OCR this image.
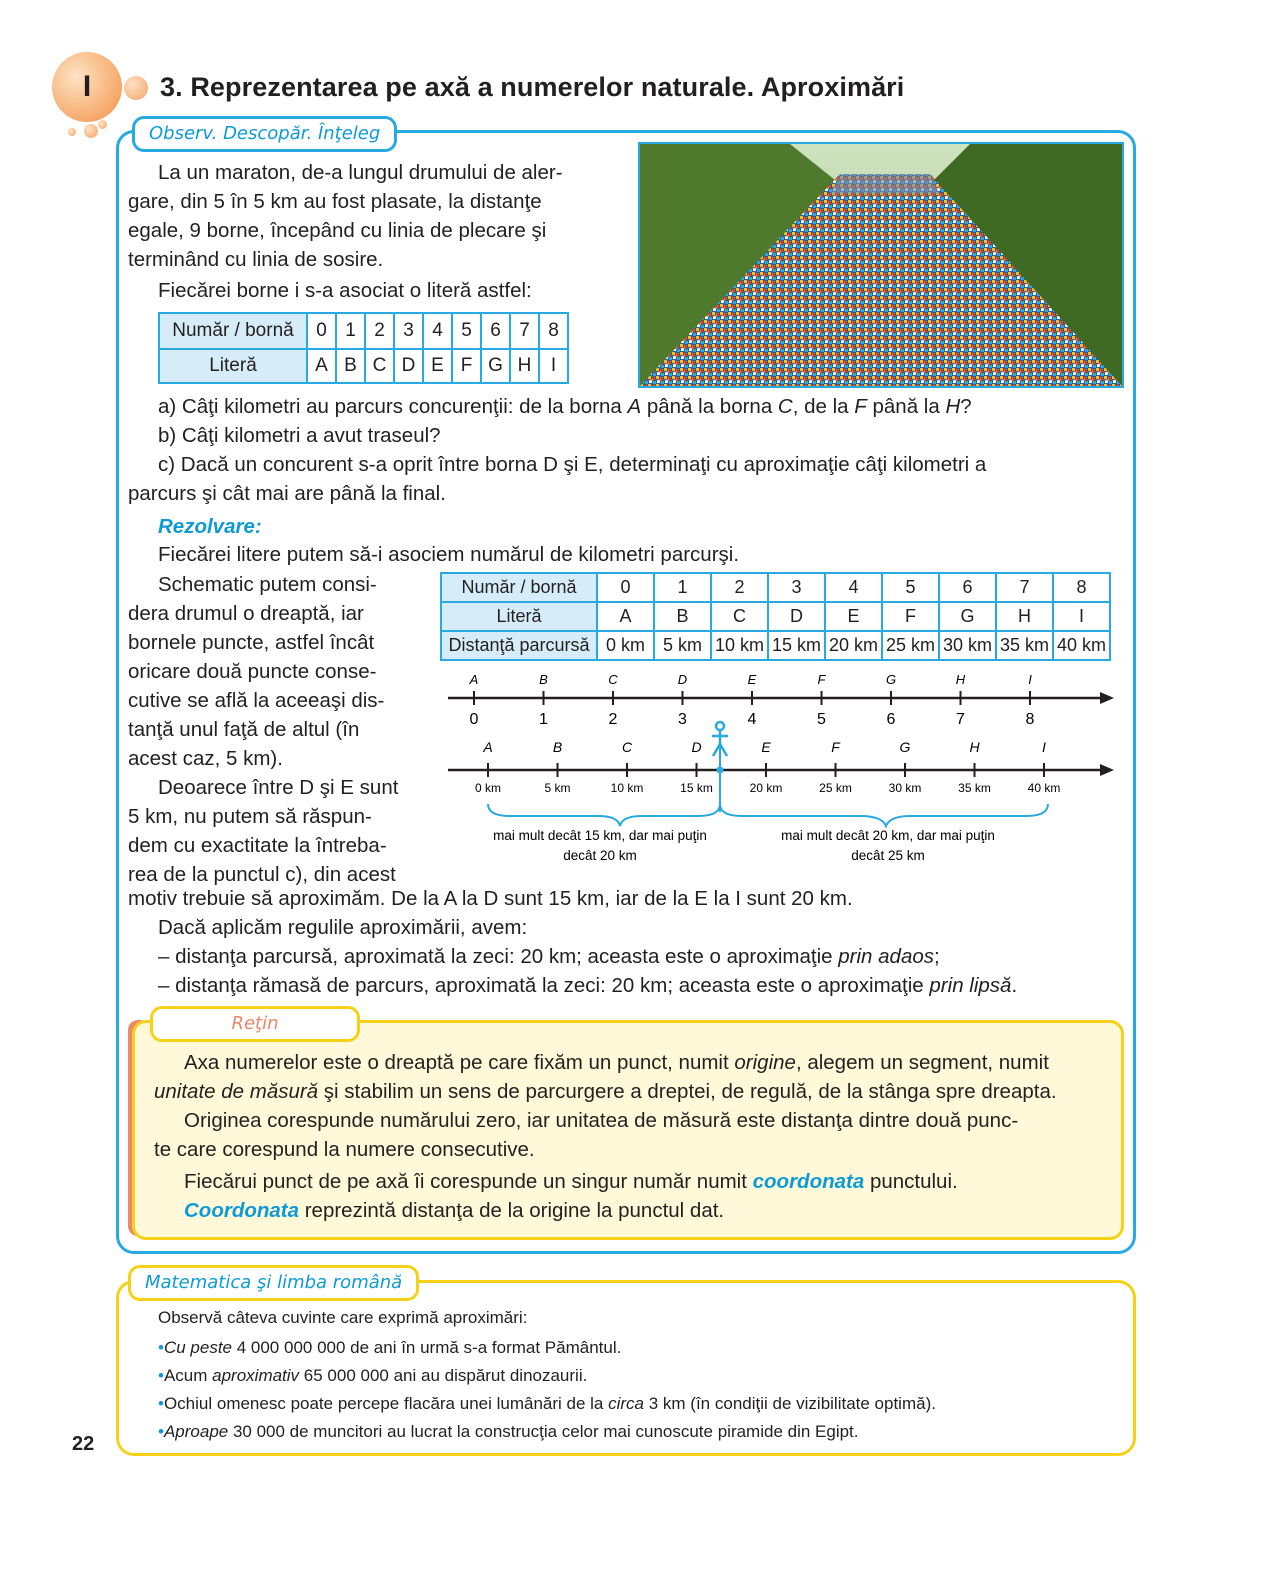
I	3. Reprezentarea pe axă a numerelor naturale. Aproximări
Observ. Descopăr. Înţeleg
La un maraton, de-a lungul drumului de aler-
gare, din 5 în 5 km au fost plasate, la distanţe
egale, 9 borne, începând cu linia de plecare şi
terminând cu linia de sosire.
Fiecărei borne i s-a asociat o literă astfel:
Număr / bornă	0	1	2	3	4	5	6	7	8
Literă	A	B	C	D	E	F	G	H	I
a) Câţi kilometri au parcurs concurenţii: de la borna A până la borna C, de la F până la H?
b) Câţi kilometri a avut traseul?
c) Dacă un concurent s-a oprit între borna D şi E, determinaţi cu aproximaţie câţi kilometri a
parcurs şi cât mai are până la final.
Rezolvare:
Fiecărei litere putem să-i asociem numărul de kilometri parcurşi.
Schematic putem consi-
dera drumul o dreaptă, iar
bornele puncte, astfel încât
oricare două puncte conse-
cutive se află la aceeaşi dis-
tanţă unul faţă de altul (în
acest caz, 5 km).
Deoarece între D şi E sunt
5 km, nu putem să răspun-
dem cu exactitate la întreba-
rea de la punctul c), din acest
Număr / bornă	0	1	2	3	4	5	6	7	8
Literă	A	B	C	D	E	F	G	H	I
Distanţă parcursă	0 km	5 km	10 km	15 km	20 km	25 km	30 km	35 km	40 km
A
0
B
1
C
2
D
3
E
4
F
5
G
6
H
7
I
8
A
0 km
B
5 km
C
10 km
D
15 km
E
20 km
F
25 km
G
30 km
H
35 km
I
40 km
mai mult decât 15 km, dar mai puţin
decât 20 km
mai mult decât 20 km, dar mai puţin
decât 25 km
motiv trebuie să aproximăm. De la A la D sunt 15 km, iar de la E la I sunt 20 km.
Dacă aplicăm regulile aproximării, avem:
– distanţa parcursă, aproximată la zeci: 20 km; aceasta este o aproximaţie prin adaos;
– distanţa rămasă de parcurs, aproximată la zeci: 20 km; aceasta este o aproximaţie prin lipsă.
Reţin
Axa numerelor este o dreaptă pe care fixăm un punct, numit origine, alegem un segment, numit
unitate de măsură şi stabilim un sens de parcurgere a dreptei, de regulă, de la stânga spre dreapta.
Originea corespunde numărului zero, iar unitatea de măsură este distanţa dintre două punc-
te care corespund la numere consecutive.
Fiecărui punct de pe axă îi corespunde un singur număr numit coordonata punctului.
Coordonata reprezintă distanţa de la origine la punctul dat.
Matematica şi limba română
Observă câteva cuvinte care exprimă aproximări:
•Cu peste 4 000 000 000 de ani în urmă s-a format Pământul.
•Acum aproximativ 65 000 000 ani au dispărut dinozaurii.
•Ochiul omenesc poate percepe flacăra unei lumânări de la circa 3 km (în condiţii de vizibilitate optimă).
•Aproape 30 000 de muncitori au lucrat la construcţia celor mai cunoscute piramide din Egipt.
22
